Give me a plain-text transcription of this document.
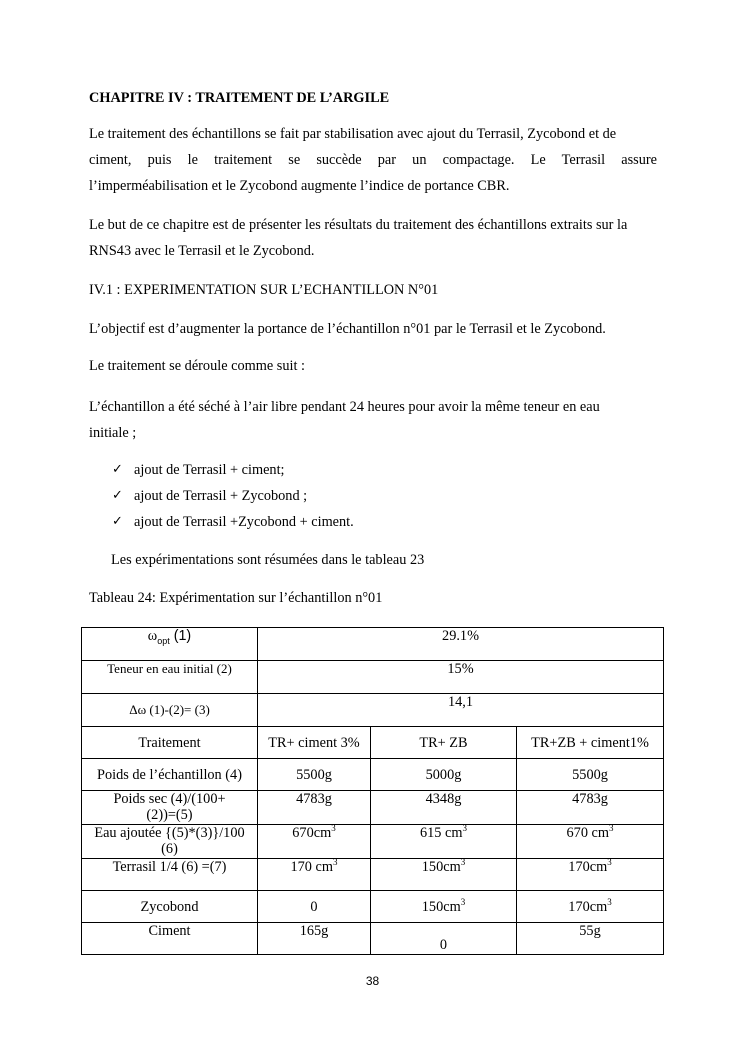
CHAPITRE IV : TRAITEMENT DE L’ARGILE

Le traitement des échantillons se fait par stabilisation avec ajout du Terrasil, Zycobond et de
ciment, puis le traitement se succède par un compactage. Le Terrasil assure
l’imperméabilisation et le Zycobond augmente l’indice de portance CBR.
Le but de ce chapitre est de présenter les résultats du traitement des échantillons extraits sur la
RNS43 avec le Terrasil et le Zycobond.

IV.1 : EXPERIMENTATION SUR L’ECHANTILLON N°01

L’objectif est d’augmenter la portance de l’échantillon n°01 par le Terrasil et le Zycobond.

Le traitement se déroule comme suit :

L’échantillon a été séché à l’air libre pendant 24 heures pour avoir la même teneur en eau
initiale ;
✓ ajout de Terrasil + ciment;
✓ ajout de Terrasil + Zycobond ;
✓ ajout de Terrasil +Zycobond + ciment.

Les expérimentations sont résumées dans le tableau 23

Tableau 24: Expérimentation sur l’échantillon n°01

$\omega_{opt}$ (1)	29.1%		
Teneur en eau initial (2)	15%		
Δω (1)-(2)= (3)	14,1		
Traitement	TR+ ciment 3%	TR+ ZB	TR+ZB + ciment1%
Poids de l’échantillon (4)	5500g	5000g	5500g

Poids sec (4)/(100+
(2))=(5)	4783g	4348g	4783g

Eau ajoutée {(5)*(3)}/100
(6)	$670cm^3$	615 $cm^3$	670 $cm^3$
Terrasil 1/4 (6) =(7)	170 $cm^3$	$150cm^3$	$170cm^3$
Zycobond	0	$150cm^3$	$170cm^3$
Ciment	165g	0	55g
38
